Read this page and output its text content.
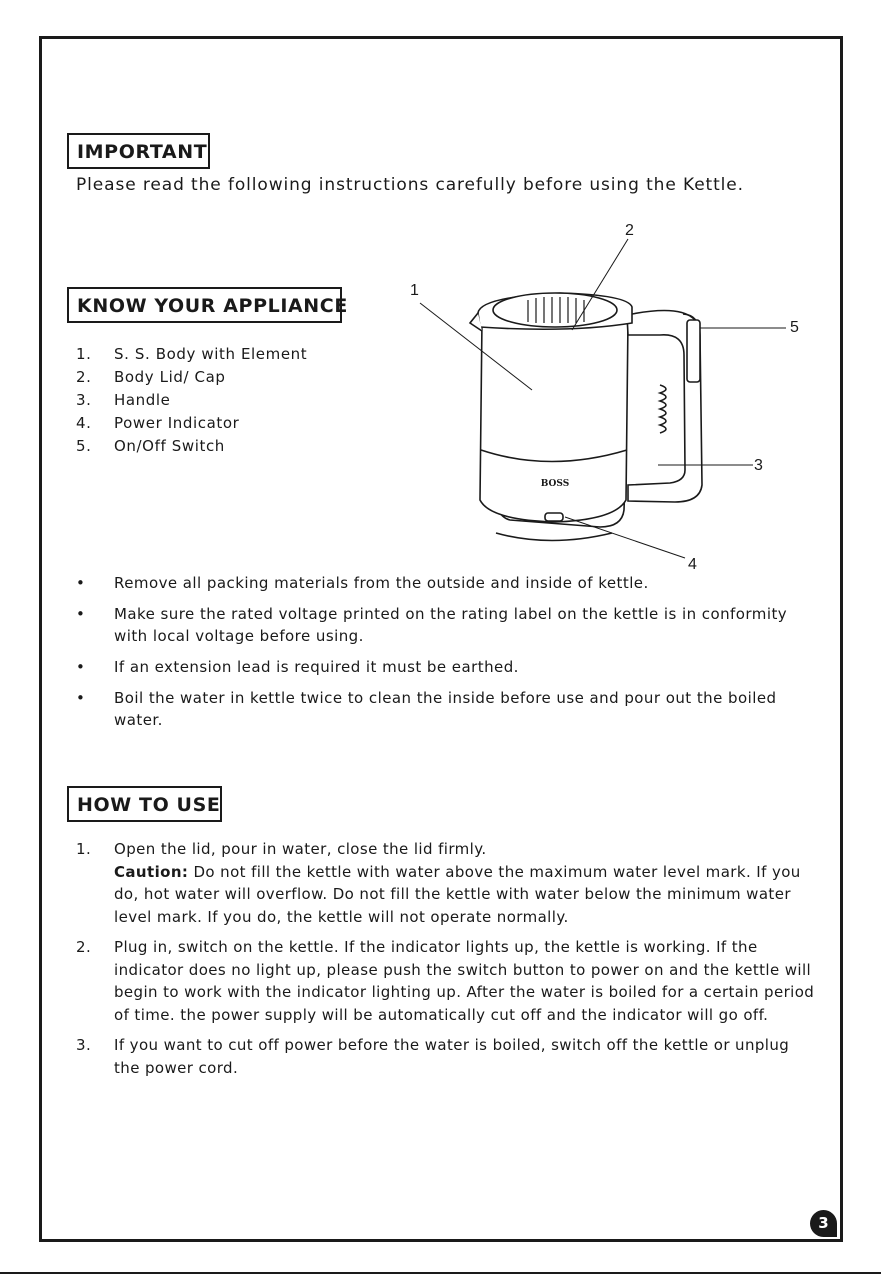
IMPORTANT
Please read the following instructions carefully before using the Kettle.
KNOW YOUR APPLIANCE
1. S. S. Body with Element
2. Body Lid/ Cap
3. Handle
4. Power Indicator
5. On/Off Switch
1
2
3
4
5
BOSS
• Remove all packing materials from the outside and inside of kettle.
• Make sure the rated voltage printed on the rating label on the kettle is in conformity with local voltage before using.
• If an extension lead is required it must be earthed.
• Boil the water in kettle twice to clean the inside before use and pour out the boiled water.
HOW TO USE
1. Open the lid, pour in water, close the lid firmly.
Caution: Do not fill the kettle with water above the maximum water level mark. If you do, hot water will overflow. Do not fill the kettle with water below the minimum water level mark. If you do, the kettle will not operate normally.
2. Plug in, switch on the kettle. If the indicator lights up, the kettle is working. If the indicator does no light up, please push the switch button to power on and the kettle will begin to work with the indicator lighting up. After the water is boiled for a certain period of time. the power supply will be automatically cut off and the indicator will go off.
3. If you want to cut off power before the water is boiled, switch off the kettle or unplug the power cord.
3
